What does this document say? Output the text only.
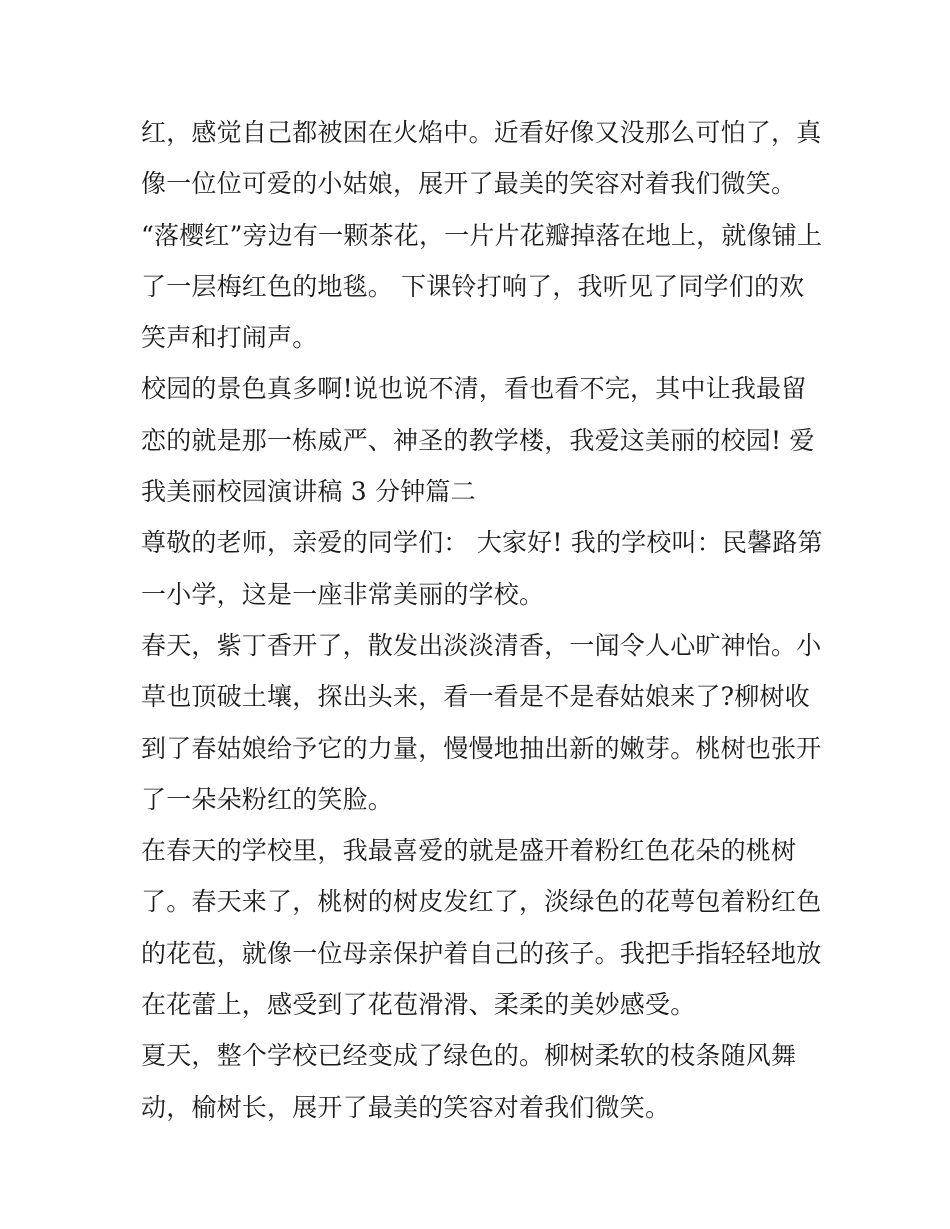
红，感觉自己都被困在火焰中。近看好像又没那么可怕了，真
像一位位可爱的小姑娘，展开了最美的笑容对着我们微笑。
“落樱红”旁边有一颗茶花，一片片花瓣掉落在地上，就像铺上
了一层梅红色的地毯。 下课铃打响了，我听见了同学们的欢
笑声和打闹声。
校园的景色真多啊!说也说不清，看也看不完，其中让我最留
恋的就是那一栋威严、神圣的教学楼，我爱这美丽的校园! 爱
我美丽校园演讲稿 3 分钟篇二
尊敬的老师，亲爱的同学们： 大家好! 我的学校叫：民馨路第
一小学，这是一座非常美丽的学校。
春天，紫丁香开了，散发出淡淡清香，一闻令人心旷神怡。小
草也顶破土壤，探出头来，看一看是不是春姑娘来了?柳树收
到了春姑娘给予它的力量，慢慢地抽出新的嫩芽。桃树也张开
了一朵朵粉红的笑脸。
在春天的学校里，我最喜爱的就是盛开着粉红色花朵的桃树
了。春天来了，桃树的树皮发红了，淡绿色的花萼包着粉红色
的花苞，就像一位母亲保护着自己的孩子。我把手指轻轻地放
在花蕾上，感受到了花苞滑滑、柔柔的美妙感受。
夏天，整个学校已经变成了绿色的。柳树柔软的枝条随风舞
动，榆树长，展开了最美的笑容对着我们微笑。
